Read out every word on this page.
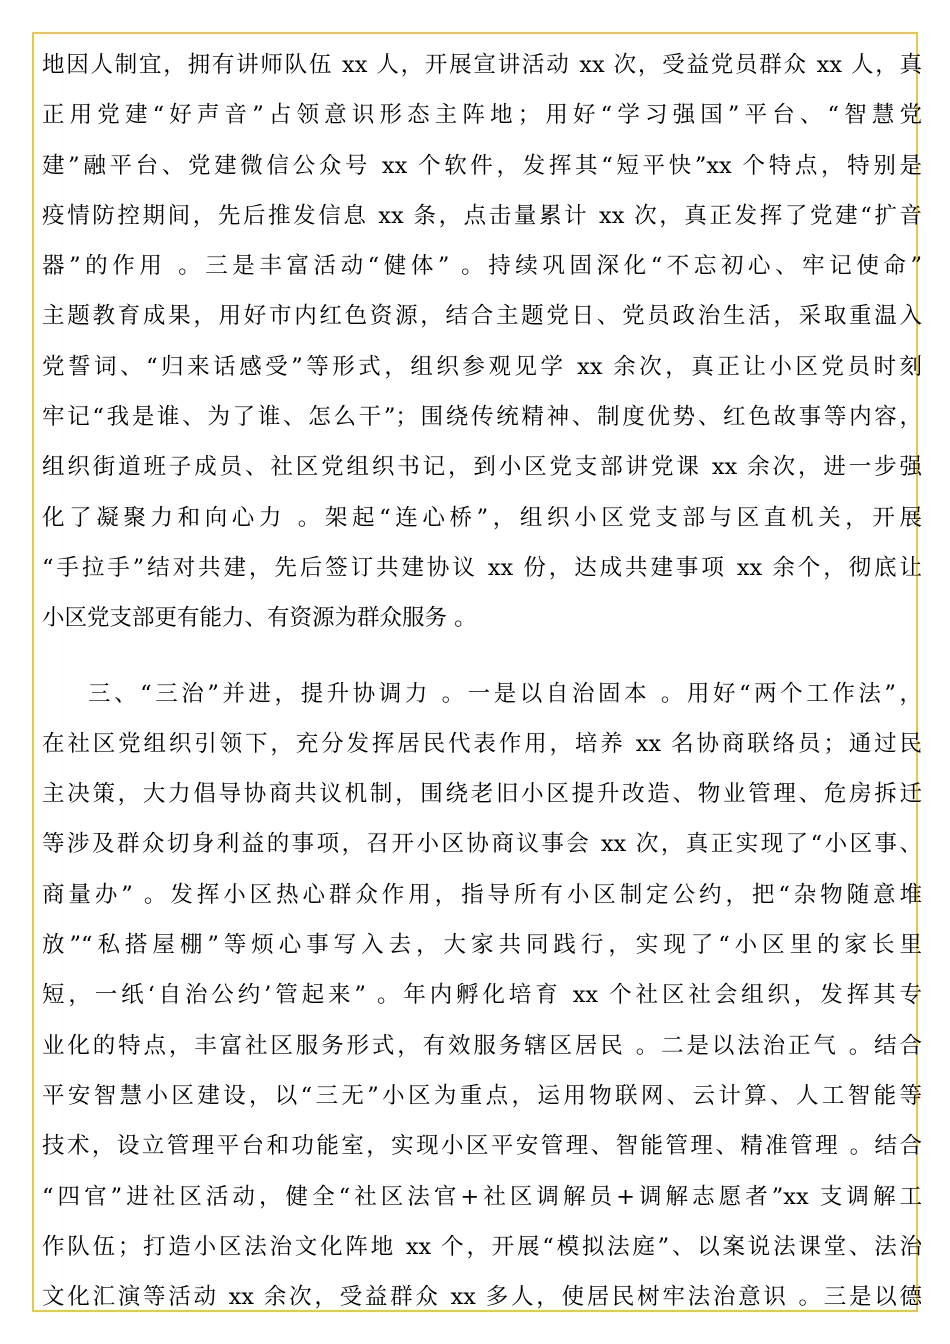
地因人制宜，拥有讲师队伍 xx 人，开展宣讲活动 xx 次，受益党员群众 xx 人，真
正用党建“好声音”占领意识形态主阵地；用好“学习强国”平台、“智慧党
建”融平台、党建微信公众号 xx 个软件，发挥其“短平快”xx 个特点，特别是
疫情防控期间，先后推发信息 xx 条，点击量累计 xx 次，真正发挥了党建“扩音
器”的作用 。三是丰富活动“健体” 。持续巩固深化“不忘初心、牢记使命”
主题教育成果，用好市内红色资源，结合主题党日、党员政治生活，采取重温入
党誓词、“归来话感受”等形式，组织参观见学 xx 余次，真正让小区党员时刻
牢记“我是谁、为了谁、怎么干”；围绕传统精神、制度优势、红色故事等内容，
组织街道班子成员、社区党组织书记，到小区党支部讲党课 xx 余次，进一步强
化了凝聚力和向心力 。架起“连心桥”，组织小区党支部与区直机关，开展
“手拉手”结对共建，先后签订共建协议 xx 份，达成共建事项 xx 余个，彻底让
小区党支部更有能力、有资源为群众服务 。
三、“三治”并进，提升协调力 。一是以自治固本 。用好“两个工作法”，
在社区党组织引领下，充分发挥居民代表作用，培养 xx 名协商联络员；通过民
主决策，大力倡导协商共议机制，围绕老旧小区提升改造、物业管理、危房拆迁
等涉及群众切身利益的事项，召开小区协商议事会 xx 次，真正实现了“小区事、
商量办” 。发挥小区热心群众作用，指导所有小区制定公约，把“杂物随意堆
放”“私搭屋棚”等烦心事写入去，大家共同践行，实现了“小区里的家长里
短，一纸‘自治公约’管起来” 。年内孵化培育 xx 个社区社会组织，发挥其专
业化的特点，丰富社区服务形式，有效服务辖区居民 。二是以法治正气 。结合
平安智慧小区建设，以“三无”小区为重点，运用物联网、云计算、人工智能等
技术，设立管理平台和功能室，实现小区平安管理、智能管理、精准管理 。结合
“四官”进社区活动，健全“社区法官+社区调解员+调解志愿者”xx 支调解工
作队伍；打造小区法治文化阵地 xx 个，开展“模拟法庭”、以案说法课堂、法治
文化汇演等活动 xx 余次，受益群众 xx 多人，使居民树牢法治意识 。三是以德
